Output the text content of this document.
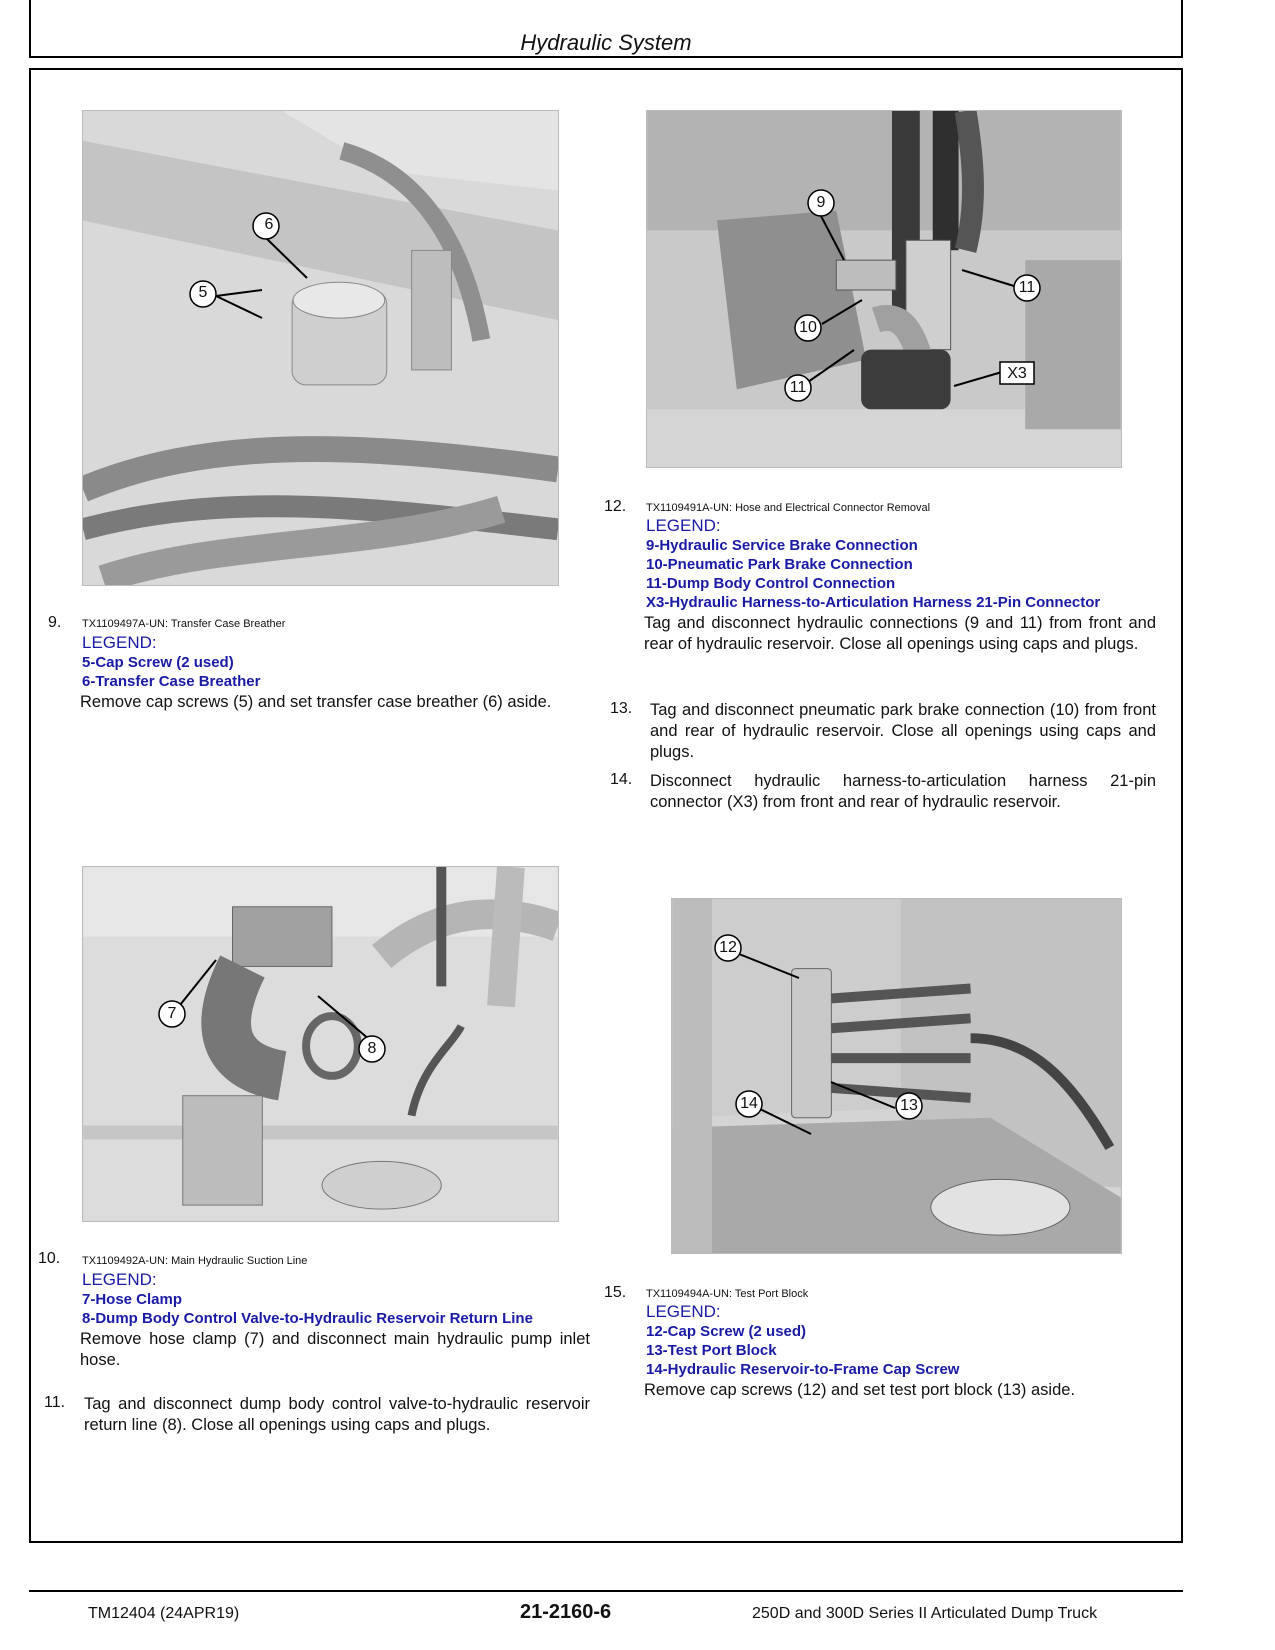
Hydraulic System
6
5
9. TX1109497A-UN: Transfer Case Breather
LEGEND:
5-Cap Screw (2 used)
6-Transfer Case Breather
Remove cap screws (5) and set transfer case breather (6) aside.
9
11
10
11
X3
12. TX1109491A-UN: Hose and Electrical Connector Removal
LEGEND:
9-Hydraulic Service Brake Connection
10-Pneumatic Park Brake Connection
11-Dump Body Control Connection
X3-Hydraulic Harness-to-Articulation Harness 21-Pin Connector
Tag and disconnect hydraulic connections (9 and 11) from front and rear of hydraulic reservoir. Close all openings using caps and plugs.
13. Tag and disconnect pneumatic park brake connection (10) from front and rear of hydraulic reservoir. Close all openings using caps and plugs.
14. Disconnect hydraulic harness-to-articulation harness 21-pin connector (X3) from front and rear of hydraulic reservoir.
7
8
10. TX1109492A-UN: Main Hydraulic Suction Line
LEGEND:
7-Hose Clamp
8-Dump Body Control Valve-to-Hydraulic Reservoir Return Line
Remove hose clamp (7) and disconnect main hydraulic pump inlet hose.
11. Tag and disconnect dump body control valve-to-hydraulic reservoir return line (8). Close all openings using caps and plugs.
12
14	13
15. TX1109494A-UN: Test Port Block
LEGEND:
12-Cap Screw (2 used)
13-Test Port Block
14-Hydraulic Reservoir-to-Frame Cap Screw
Remove cap screws (12) and set test port block (13) aside.
TM12404 (24APR19)	21-2160-6	250D and 300D Series II Articulated Dump Truck
